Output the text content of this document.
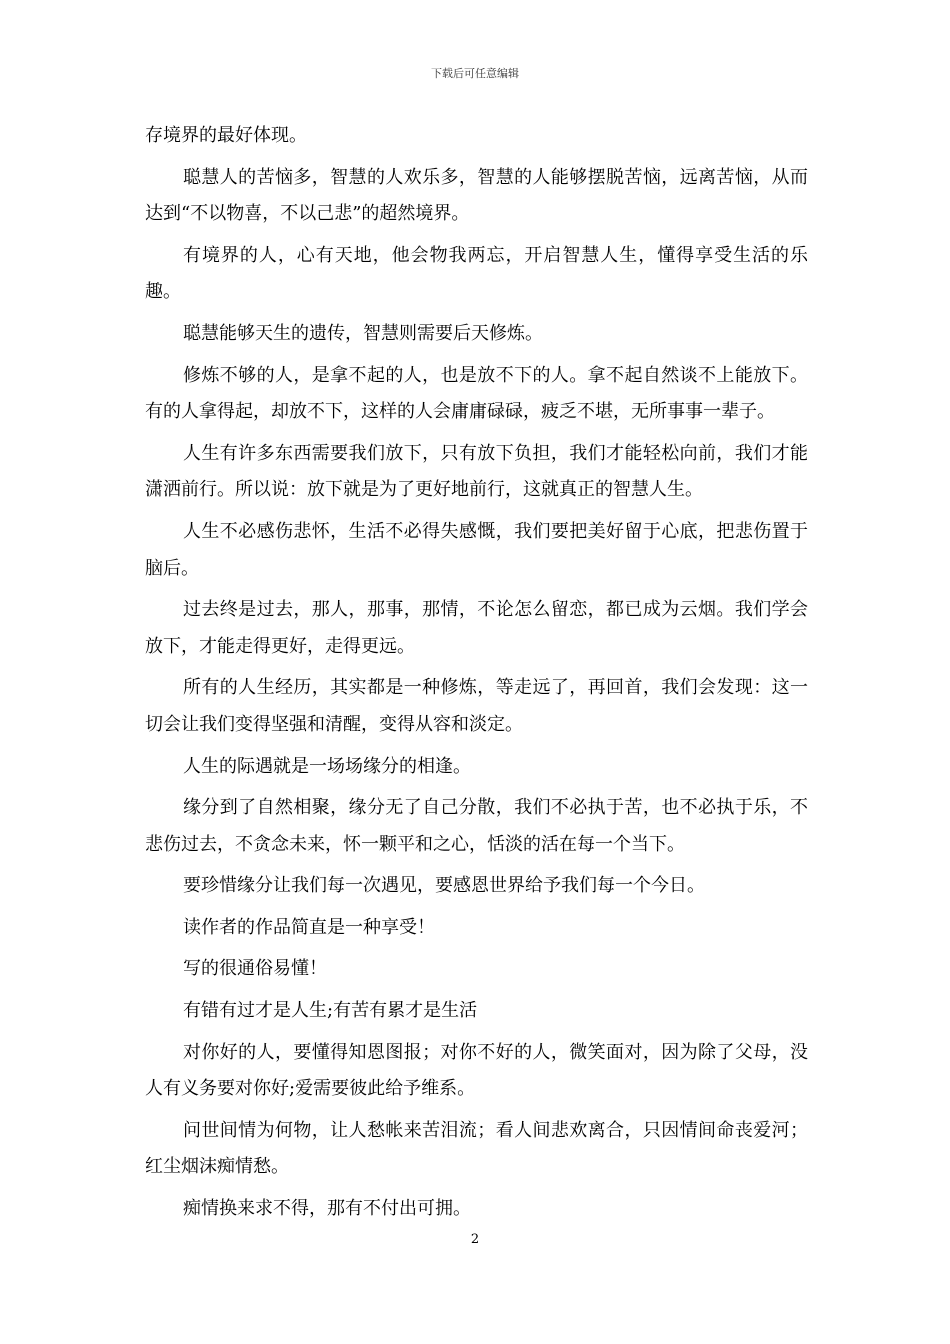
下载后可任意编辑

存境界的最好体现。

聪慧人的苦恼多，智慧的人欢乐多，智慧的人能够摆脱苦恼，远离苦恼，从而达到“不以物喜，不以己悲”的超然境界。

有境界的人，心有天地，他会物我两忘，开启智慧人生，懂得享受生活的乐趣。

聪慧能够天生的遗传，智慧则需要后天修炼。

修炼不够的人，是拿不起的人，也是放不下的人。拿不起自然谈不上能放下。有的人拿得起，却放不下，这样的人会庸庸碌碌，疲乏不堪，无所事事一辈子。

人生有许多东西需要我们放下，只有放下负担，我们才能轻松向前，我们才能潇洒前行。所以说：放下就是为了更好地前行，这就真正的智慧人生。

人生不必感伤悲怀，生活不必得失感慨，我们要把美好留于心底，把悲伤置于脑后。

过去终是过去，那人，那事，那情，不论怎么留恋，都已成为云烟。我们学会放下，才能走得更好，走得更远。

所有的人生经历，其实都是一种修炼，等走远了，再回首，我们会发现：这一切会让我们变得坚强和清醒，变得从容和淡定。

人生的际遇就是一场场缘分的相逢。

缘分到了自然相聚，缘分无了自己分散，我们不必执于苦，也不必执于乐，不悲伤过去，不贪念未来，怀一颗平和之心，恬淡的活在每一个当下。

要珍惜缘分让我们每一次遇见，要感恩世界给予我们每一个今日。

读作者的作品简直是一种享受！

写的很通俗易懂！

有错有过才是人生;有苦有累才是生活

对你好的人，要懂得知恩图报；对你不好的人，微笑面对，因为除了父母，没人有义务要对你好;爱需要彼此给予维系。

问世间情为何物，让人愁帐来苦泪流；看人间悲欢离合，只因情间命丧爱河；红尘烟沫痴情愁。

痴情换来求不得，那有不付出可拥。

2
